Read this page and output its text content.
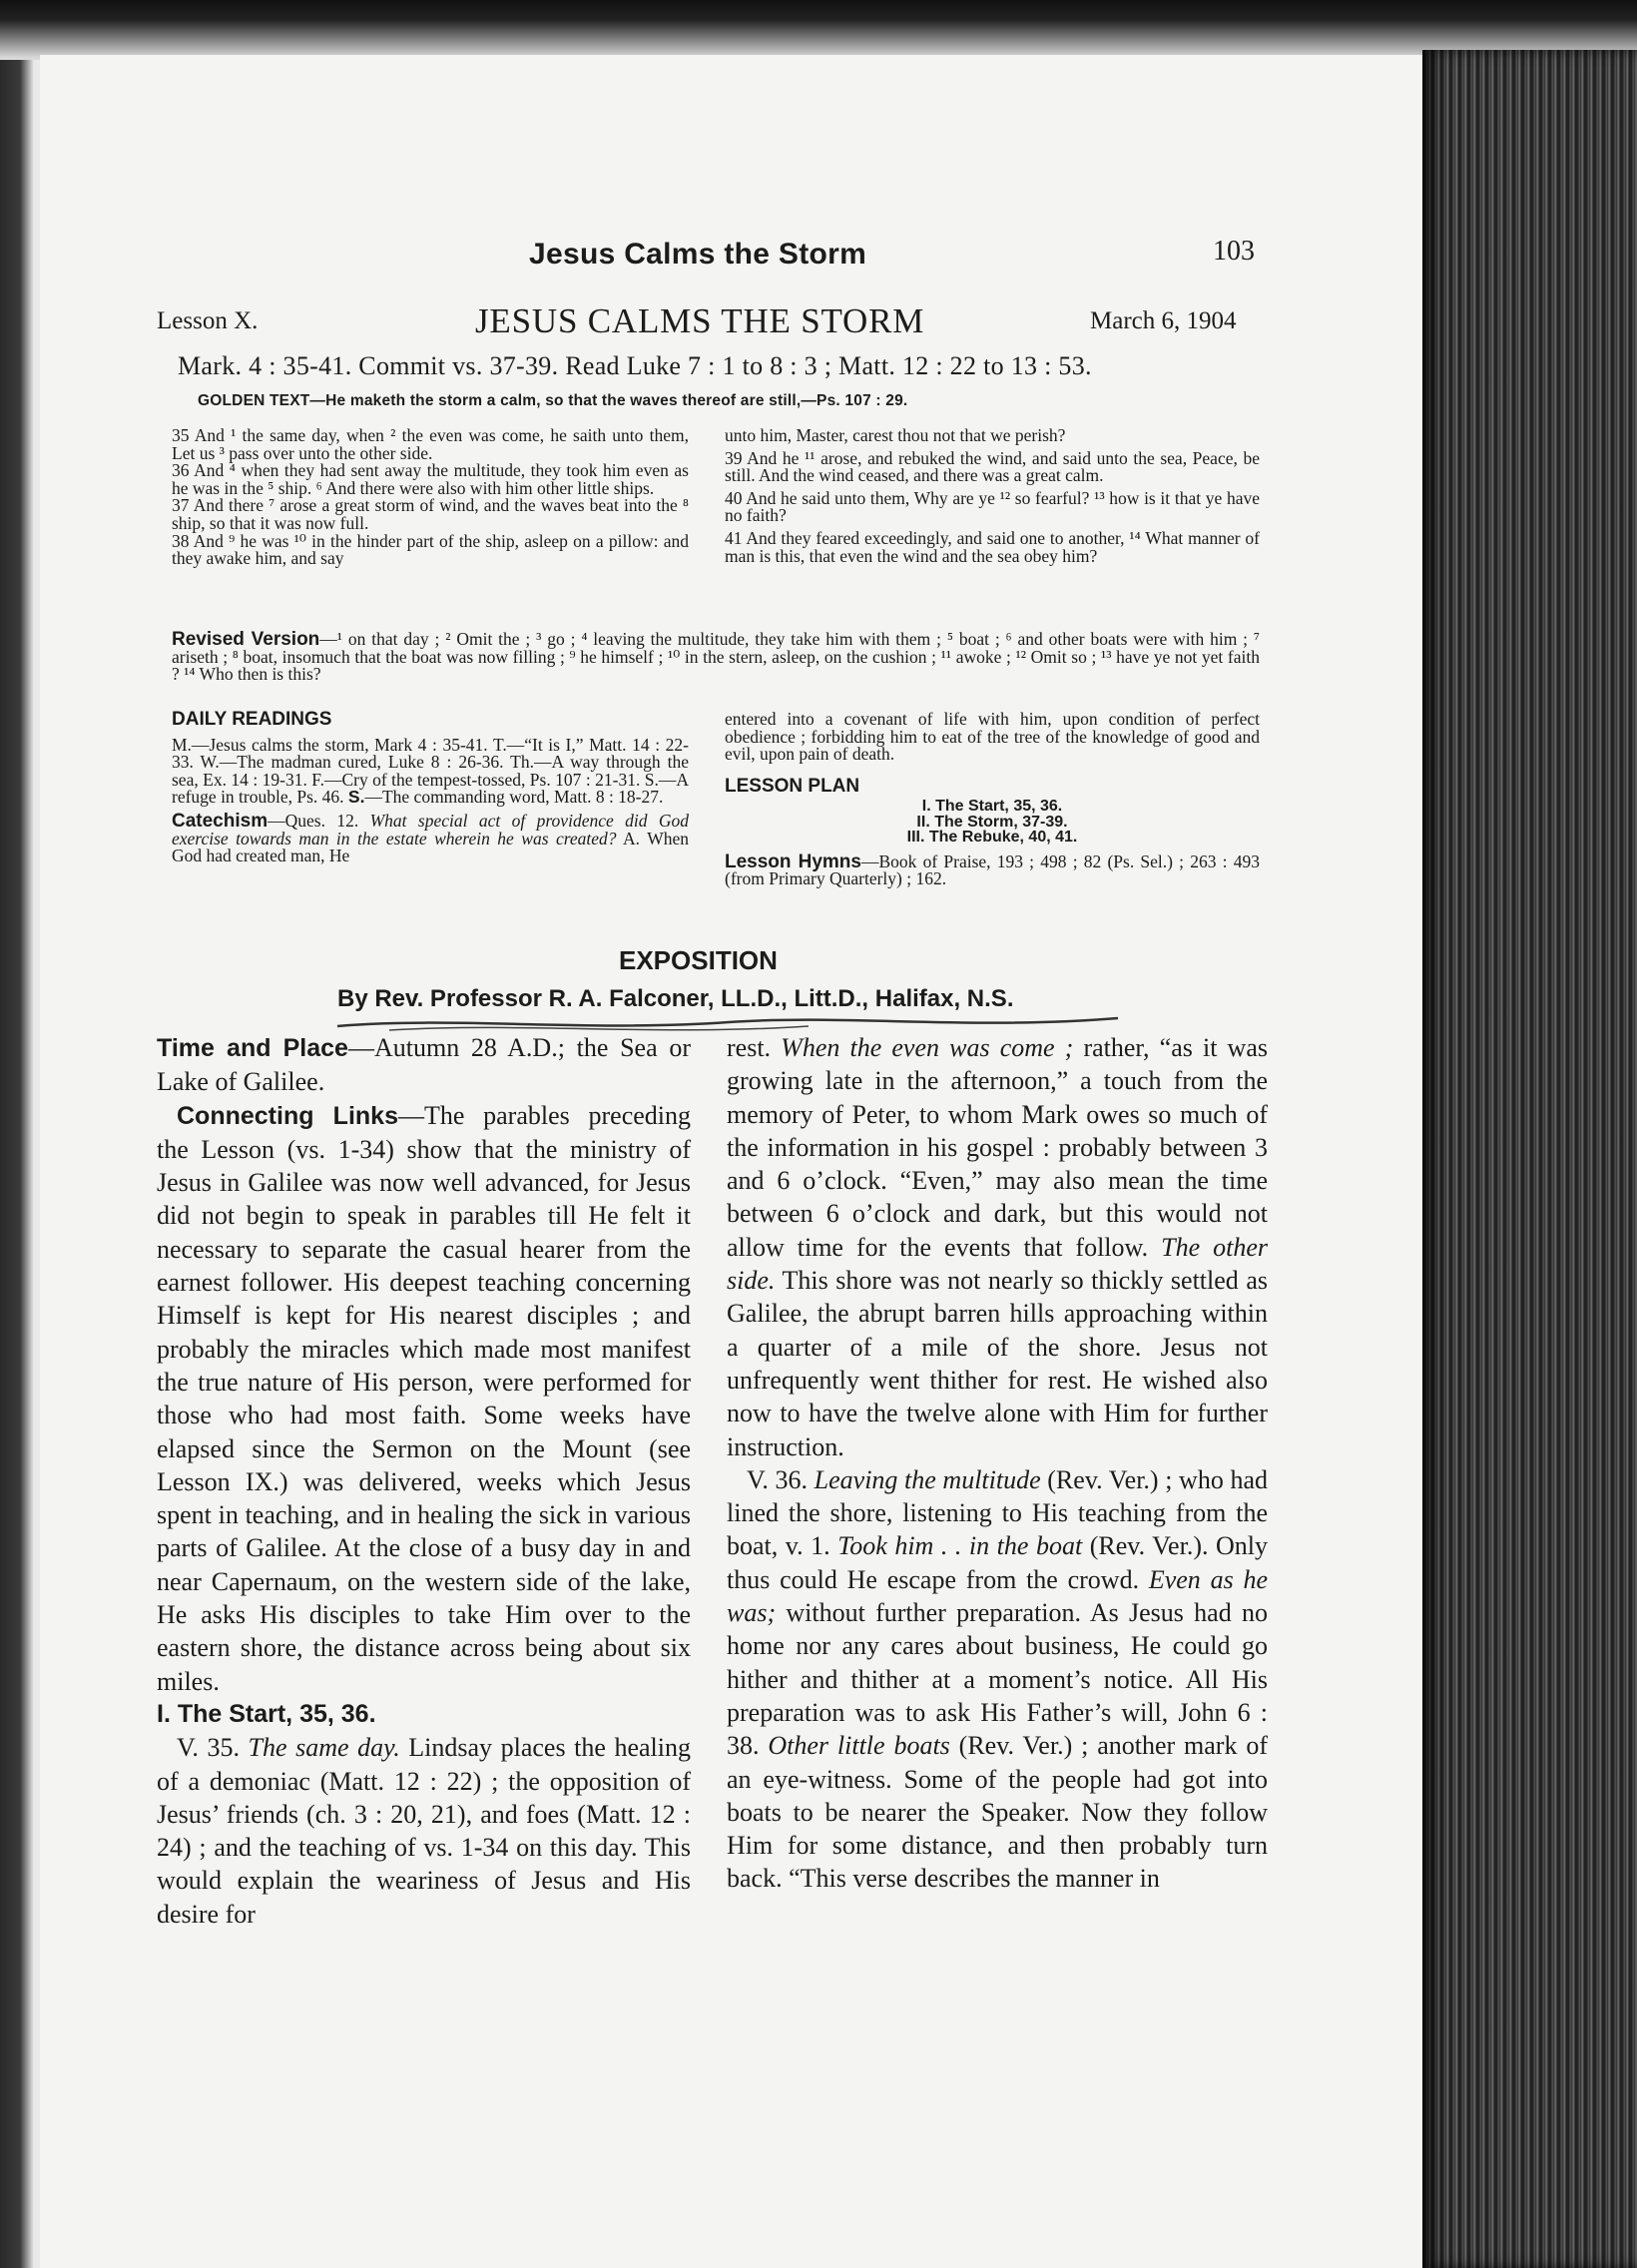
Jesus Calms the Storm	103
Lesson X.	JESUS CALMS THE STORM	March 6, 1904
Mark. 4 : 35-41. Commit vs. 37-39. Read Luke 7 : 1 to 8 : 3 ; Matt. 12 : 22 to 13 : 53.
GOLDEN TEXT—He maketh the storm a calm, so that the waves thereof are still,—Ps. 107 : 29.

35 And ¹ the same day, when ² the even was come, he saith unto them, Let us ³ pass over unto the other side.

36 And ⁴ when they had sent away the multitude, they took him even as he was in the ⁵ ship. ⁶ And there were also with him other little ships.

37 And there ⁷ arose a great storm of wind, and the waves beat into the ⁸ ship, so that it was now full.

38 And ⁹ he was ¹⁰ in the hinder part of the ship, asleep on a pillow: and they awake him, and say

unto him, Master, carest thou not that we perish?

39 And he ¹¹ arose, and rebuked the wind, and said unto the sea, Peace, be still. And the wind ceased, and there was a great calm.

40 And he said unto them, Why are ye ¹² so fearful? ¹³ how is it that ye have no faith?

41 And they feared exceedingly, and said one to another, ¹⁴ What manner of man is this, that even the wind and the sea obey him?

Revised Version—¹ on that day ; ² Omit the ; ³ go ; ⁴ leaving the multitude, they take him with them ; ⁵ boat ; ⁶ and other boats were with him ; ⁷ ariseth ; ⁸ boat, insomuch that the boat was now filling ; ⁹ he himself ; ¹⁰ in the stern, asleep, on the cushion ; ¹¹ awoke ; ¹² Omit so ; ¹³ have ye not yet faith ? ¹⁴ Who then is this?

DAILY READINGS

M.—Jesus calms the storm, Mark 4 : 35-41. T.—“It is I,” Matt. 14 : 22-33. W.—The madman cured, Luke 8 : 26-36. Th.—A way through the sea, Ex. 14 : 19-31. F.—Cry of the tempest-tossed, Ps. 107 : 21-31. S.—A refuge in trouble, Ps. 46. S.—The commanding word, Matt. 8 : 18-27.

Catechism—Ques. 12. What special act of providence did God exercise towards man in the estate wherein he was created? A. When God had created man, He

entered into a covenant of life with him, upon condition of perfect obedience ; forbidding him to eat of the tree of the knowledge of good and evil, upon pain of death.

LESSON PLAN

I. The Start, 35, 36.

II. The Storm, 37-39.

III. The Rebuke, 40, 41.

Lesson Hymns—Book of Praise, 193 ; 498 ; 82 (Ps. Sel.) ; 263 : 493 (from Primary Quarterly) ; 162.

EXPOSITION
By Rev. Professor R. A. Falconer, LL.D., Litt.D., Halifax, N.S.

Time and Place—Autumn 28 A.D.; the Sea or Lake of Galilee.

Connecting Links—The parables preceding the Lesson (vs. 1-34) show that the ministry of Jesus in Galilee was now well advanced, for Jesus did not begin to speak in parables till He felt it necessary to separate the casual hearer from the earnest follower. His deepest teaching concerning Himself is kept for His nearest disciples ; and probably the miracles which made most manifest the true nature of His person, were performed for those who had most faith. Some weeks have elapsed since the Sermon on the Mount (see Lesson IX.) was delivered, weeks which Jesus spent in teaching, and in healing the sick in various parts of Galilee. At the close of a busy day in and near Capernaum, on the western side of the lake, He asks His disciples to take Him over to the eastern shore, the distance across being about six miles.

I. The Start, 35, 36.

V. 35. The same day. Lindsay places the healing of a demoniac (Matt. 12 : 22) ; the opposition of Jesus’ friends (ch. 3 : 20, 21), and foes (Matt. 12 : 24) ; and the teaching of vs. 1-34 on this day. This would explain the weariness of Jesus and His desire for

rest. When the even was come ; rather, “as it was growing late in the afternoon,” a touch from the memory of Peter, to whom Mark owes so much of the information in his gospel : probably between 3 and 6 o’clock. “Even,” may also mean the time between 6 o’clock and dark, but this would not allow time for the events that follow. The other side. This shore was not nearly so thickly settled as Galilee, the abrupt barren hills approaching within a quarter of a mile of the shore. Jesus not unfrequently went thither for rest. He wished also now to have the twelve alone with Him for further instruction.

V. 36. Leaving the multitude (Rev. Ver.) ; who had lined the shore, listening to His teaching from the boat, v. 1. Took him . . in the boat (Rev. Ver.). Only thus could He escape from the crowd. Even as he was; without further preparation. As Jesus had no home nor any cares about business, He could go hither and thither at a moment’s notice. All His preparation was to ask His Father’s will, John 6 : 38. Other little boats (Rev. Ver.) ; another mark of an eye-witness. Some of the people had got into boats to be nearer the Speaker. Now they follow Him for some distance, and then probably turn back. “This verse describes the manner in
